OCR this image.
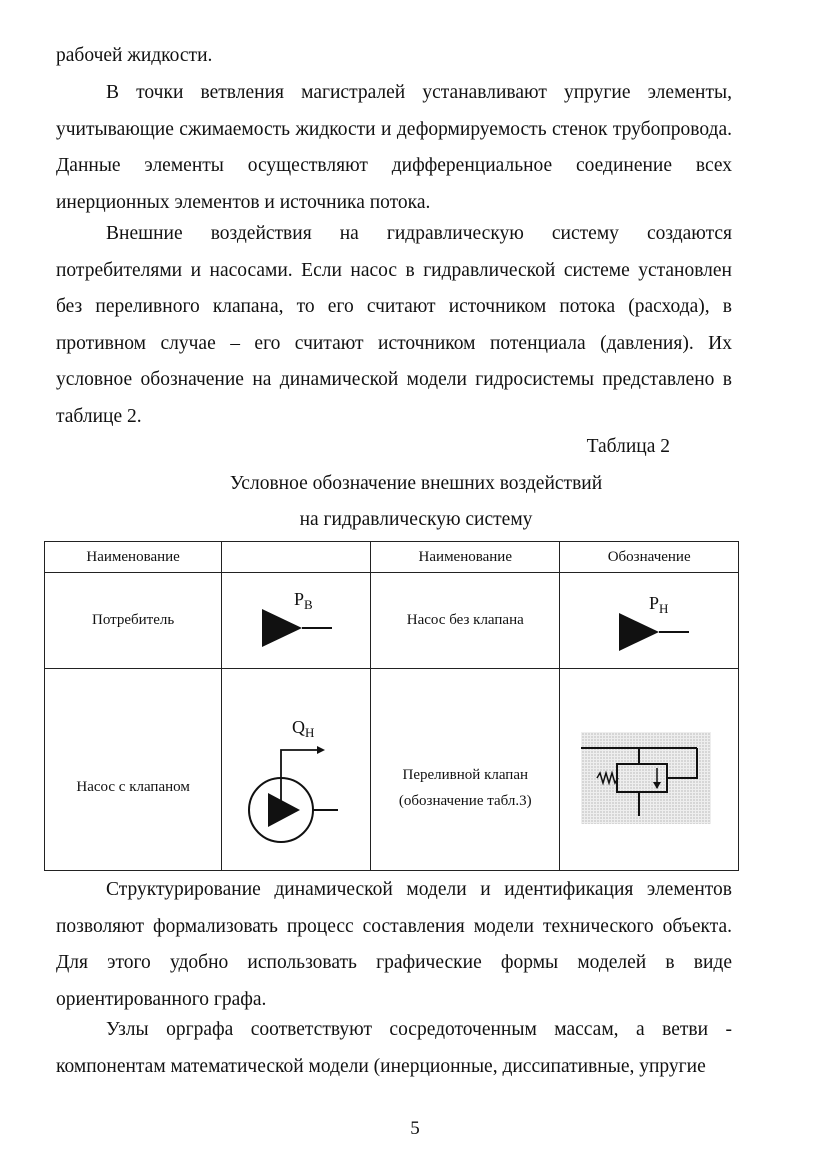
рабочей жидкости.

В точки ветвления магистралей устанавливают упругие элементы, учитывающие сжимаемость жидкости и деформируемость стенок трубопровода. Данные элементы осуществляют дифференциальное соединение всех инерционных элементов и источника потока.

Внешние воздействия на гидравлическую систему создаются потребителями и насосами. Если насос в гидравлической системе установлен без переливного клапана, то его считают источником потока (расхода), в противном случае – его считают источником потенциала (давления). Их условное обозначение на динамической модели гидросистемы представлено в таблице 2.

Таблица 2
Условное обозначение внешних воздействий
на гидравлическую систему
Наименование		Наименование	Обозначение
Потребитель	$P_В$	Насос без клапана	$P_Н$

Насос с клапаном	$Q_Н$	Переливной клапан
(обозначение табл.3)

Структурирование динамической модели и идентификация элементов позволяют формализовать процесс составления модели технического объекта. Для этого удобно использовать графические формы моделей в виде ориентированного графа.

Узлы орграфа соответствуют сосредоточенным массам, а ветви - компонентам математической модели (инерционные, диссипативные, упругие

5
